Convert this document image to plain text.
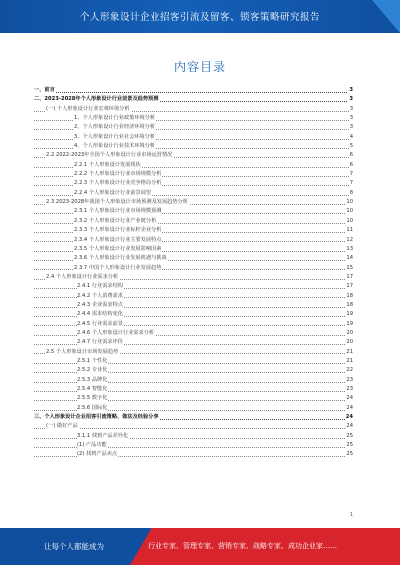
个人形象设计企业招客引流及留客、锁客策略研究报告
内容目录
一、前言	3
二、2023-2028年个人形象设计行业前景及趋势预测	3
(一) 个人形象设计行业宏观环境分析	3
1、个人形象设计行业政策环境分析	3
2、个人形象设计行业经济环境分析	3
3、个人形象设计行业社会环境分析	4
4、个人形象设计行业技术环境分析	5
2.2 2022-2023年全国个人形象设计行业市场运营情况	6
2.2.1 个人形象设计发展现状	6
2.2.2 个人形象设计行业市场规模分析	7
2.2.3 个人形象设计行业竞争格局分析	7
2.2.4 个人形象设计行业前景展望	8
2.3 2023-2028年我国个人形象设计市场预测及发展趋势分析	10
2.3.1 个人形象设计行业市场规模预测	10
2.3.2 个人形象设计行业产业链分析	10
2.3.3 个人形象设计行业标杆企业分析	11
2.3.4 个人形象设计行业主要发展特点	12
2.3.5 个人形象设计行业发展影响因素	13
2.3.6 个人形象设计行业发展机遇与挑战	14
2.3.7 中国个人形象设计行业发展趋势	15
2.4 个人形象设计行业需求分析	17
2.4.1 行业需求结构	17
2.4.2 个人消费需求	18
2.4.3 企业需求特点	18
2.4.4 需求结构变化	19
2.4.5 行业需求前景	19
2.4.6 个人形象设计行业需求分析	20
2.4.7 行业需求评价	20
2.5 个人形象设计市场发展趋势	21
2.5.1 个性化	21
2.5.2 专业化	22
2.5.3 品牌化	23
2.5.4 智能化	23
2.5.5 数字化	24
2.5.6 国际化	24
三、个人形象设计企业招客引流策略、做法及经验分享	24
(一) 做好产品	24
3.1.1 找到产品差异化	25
(1) 产品功能	25
(2) 找到产品卖点	25
1
让每个人都能成为	行业专家、管理专家、营销专家、战略专家、成功企业家……
